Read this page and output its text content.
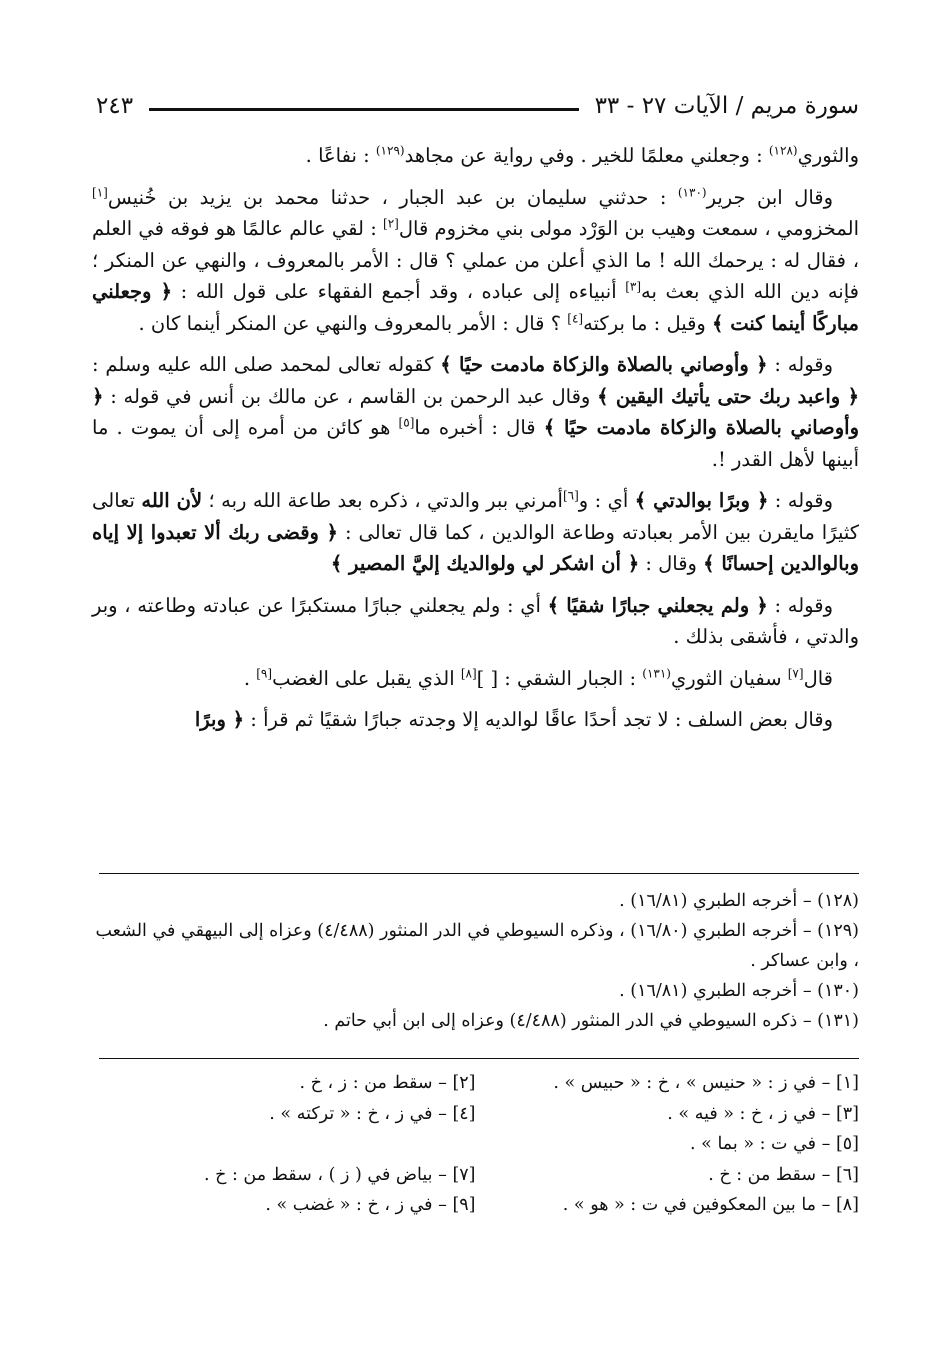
سورة مريم / الآيات ٢٧ - ٣٣
٢٤٣

والثوري$^{(١٢٨)}$ : وجعلني معلمًا للخير . وفي رواية عن مجاهد$^{(١٢٩)}$ : نفاعًا .

وقال ابن جرير$^{(١٣٠)}$ : حدثني سليمان بن عبد الجبار ، حدثنا محمد بن يزيد بن خُنيس[١] المخزومي ، سمعت وهيب بن الوَرْد مولى بني مخزوم قال[٢] : لقي عالم عالمًا هو فوقه في العلم ، فقال له : يرحمك الله ! ما الذي أعلن من عملي ؟ قال : الأمر بالمعروف ، والنهي عن المنكر ؛ فإنه دين الله الذي بعث به[٣] أنبياءه إلى عباده ، وقد أجمع الفقهاء على قول الله : ﴿ وجعلني مباركًا أينما كنت ﴾ وقيل : ما بركته[٤] ؟ قال : الأمر بالمعروف والنهي عن المنكر أينما كان .

وقوله : ﴿ وأوصاني بالصلاة والزكاة مادمت حيًا ﴾ كقوله تعالى لمحمد صلى الله عليه وسلم : ﴿ واعبد ربك حتى يأتيك اليقين ﴾ وقال عبد الرحمن بن القاسم ، عن مالك بن أنس في قوله : ﴿ وأوصاني بالصلاة والزكاة مادمت حيًا ﴾ قال : أخبره ما[٥] هو كائن من أمره إلى أن يموت . ما أبينها لأهل القدر !.

وقوله : ﴿ وبرًا بوالدتي ﴾ أي : و[٦]أمرني ببر والدتي ، ذكره بعد طاعة الله ربه ؛ لأن الله تعالى كثيرًا مايقرن بين الأمر بعبادته وطاعة الوالدين ، كما قال تعالى : ﴿ وقضى ربك ألا تعبدوا إلا إياه وبالوالدين إحسانًا ﴾ وقال : ﴿ أن اشكر لي ولوالديك إليَّ المصير ﴾

وقوله : ﴿ ولم يجعلني جبارًا شقيًا ﴾ أي : ولم يجعلني جبارًا مستكبرًا عن عبادته وطاعته ، وبر والدتي ، فأشقى بذلك .

قال[٧] سفيان الثوري$^{(١٣١)}$ : الجبار الشقي : [ ][٨] الذي يقبل على الغضب[٩] .

وقال بعض السلف : لا تجد أحدًا عاقًا لوالديه إلا وجدته جبارًا شقيًا ثم قرأ : ﴿ وبرًا

(١٢٨) – أخرجه الطبري (١٦/٨١) .

(١٢٩) – أخرجه الطبري (١٦/٨٠) ، وذكره السيوطي في الدر المنثور (٤/٤٨٨) وعزاه إلى البيهقي في الشعب ، وابن عساكر .

(١٣٠) – أخرجه الطبري (١٦/٨١) .

(١٣١) – ذكره السيوطي في الدر المنثور (٤/٤٨٨) وعزاه إلى ابن أبي حاتم .

[١] – في ز : « حنيس » ، خ : « حبيس » .
[٢] – سقط من : ز ، خ .
[٣] – في ز ، خ : « فيه » .
[٤] – في ز ، خ : « تركته » .
[٥] – في ت : « بما » .
[٦] – سقط من : خ .
[٧] – بياض في ( ز ) ، سقط من : خ .
[٨] – ما بين المعكوفين في ت : « هو » .
[٩] – في ز ، خ : « غضب » .
